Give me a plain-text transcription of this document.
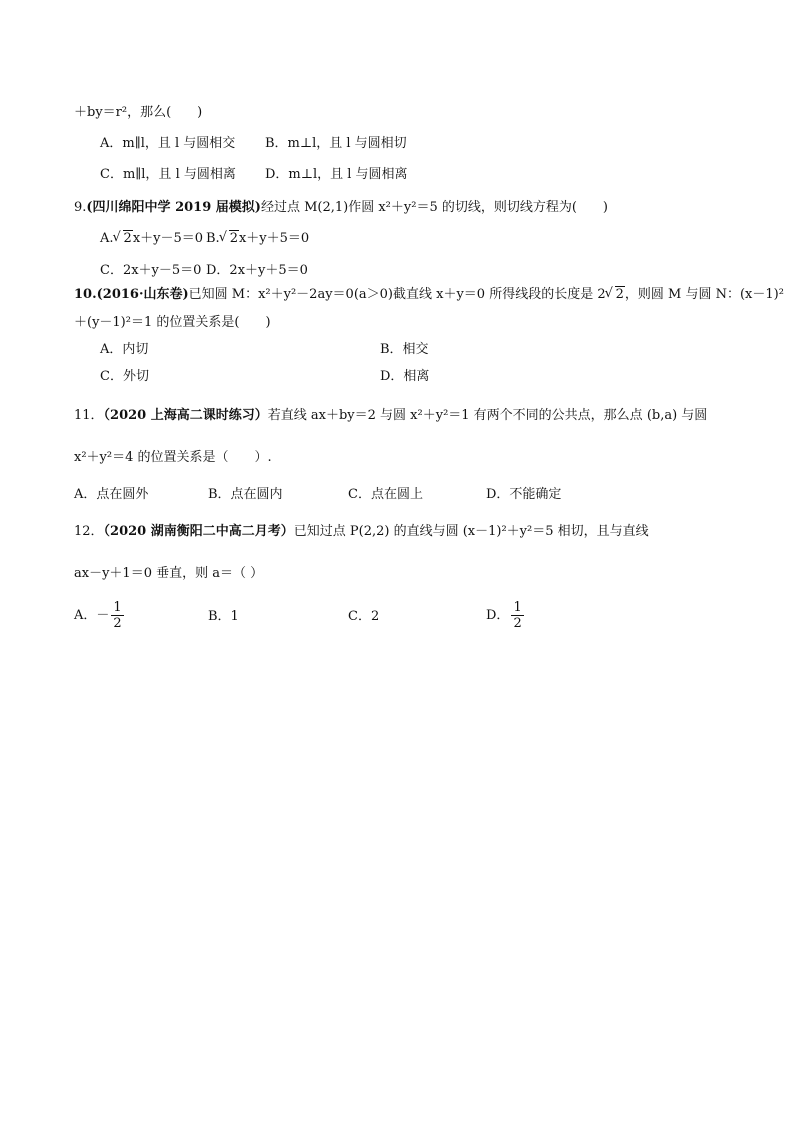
＋by＝r²，那么(　　)
A．m∥l，且 l 与圆相交 B．m⊥l，且 l 与圆相切
C．m∥l，且 l 与圆相离 D．m⊥l，且 l 与圆相离
9.(四川绵阳中学 2019 届模拟)经过点 M(2,1)作圆 x²＋y²＝5 的切线，则切线方程为(　　)
A. √ 2x＋y－5＝0 B. √ 2x＋y＋5＝0
C．2x＋y－5＝0 D．2x＋y＋5＝0
10.(2016·山东卷)已知圆 M：x²＋y²－2ay＝0(a＞0)截直线 x＋y＝0 所得线段的长度是 2 √ 2，则圆 M 与圆 N：(x－1)²
＋(y－1)²＝1 的位置关系是(　　)
A．内切	B．相交
C．外切	D．相离
11．（2020 上海高二课时练习）若直线 ax＋by＝2 与圆 x²＋y²＝1 有两个不同的公共点，那么点 (b,a) 与圆
x²＋y²＝4 的位置关系是（　　）.
A．点在圆外	B．点在圆内	C．点在圆上	D．不能确定
12．（2020 湖南衡阳二中高二月考）已知过点 P(2,2) 的直线与圆 (x－1)²＋y²＝5 相切，且与直线
ax－y＋1＝0 垂直，则 a＝（ ）
A．－ $\frac{1}{2}$	B．1	C．2	D． $\frac{1}{2}$
